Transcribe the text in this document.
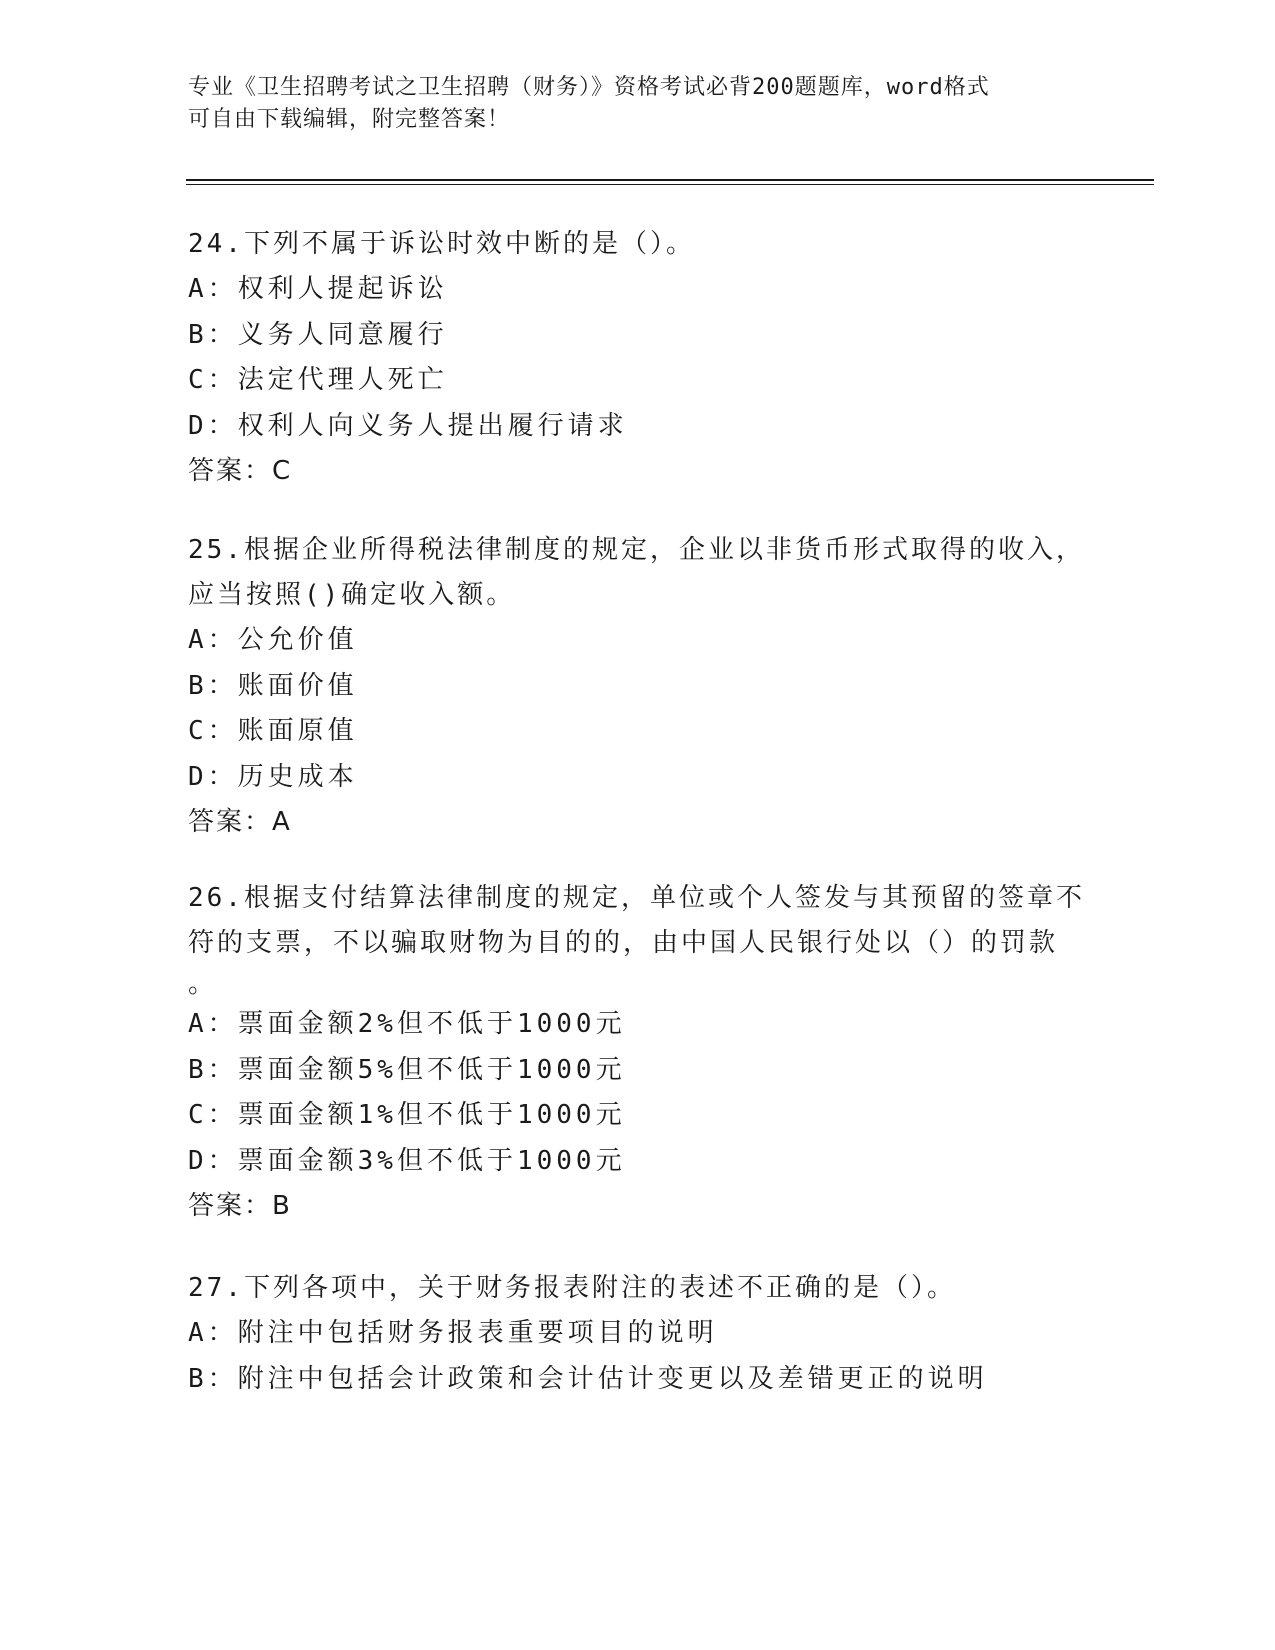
专业《卫生招聘考试之卫生招聘（财务）》资格考试必背200题题库，word格式
可自由下载编辑，附完整答案！
24.下列不属于诉讼时效中断的是（）。
A：权利人提起诉讼
B：义务人同意履行
C：法定代理人死亡
D：权利人向义务人提出履行请求
答案：C
25.根据企业所得税法律制度的规定，企业以非货币形式取得的收入，
应当按照()确定收入额。
A：公允价值
B：账面价值
C：账面原值
D：历史成本
答案：A
26.根据支付结算法律制度的规定，单位或个人签发与其预留的签章不
符的支票，不以骗取财物为目的的，由中国人民银行处以（）的罚款
。
A：票面金额2%但不低于1000元
B：票面金额5%但不低于1000元
C：票面金额1%但不低于1000元
D：票面金额3%但不低于1000元
答案：B
27.下列各项中，关于财务报表附注的表述不正确的是（）。
A：附注中包括财务报表重要项目的说明
B：附注中包括会计政策和会计估计变更以及差错更正的说明
